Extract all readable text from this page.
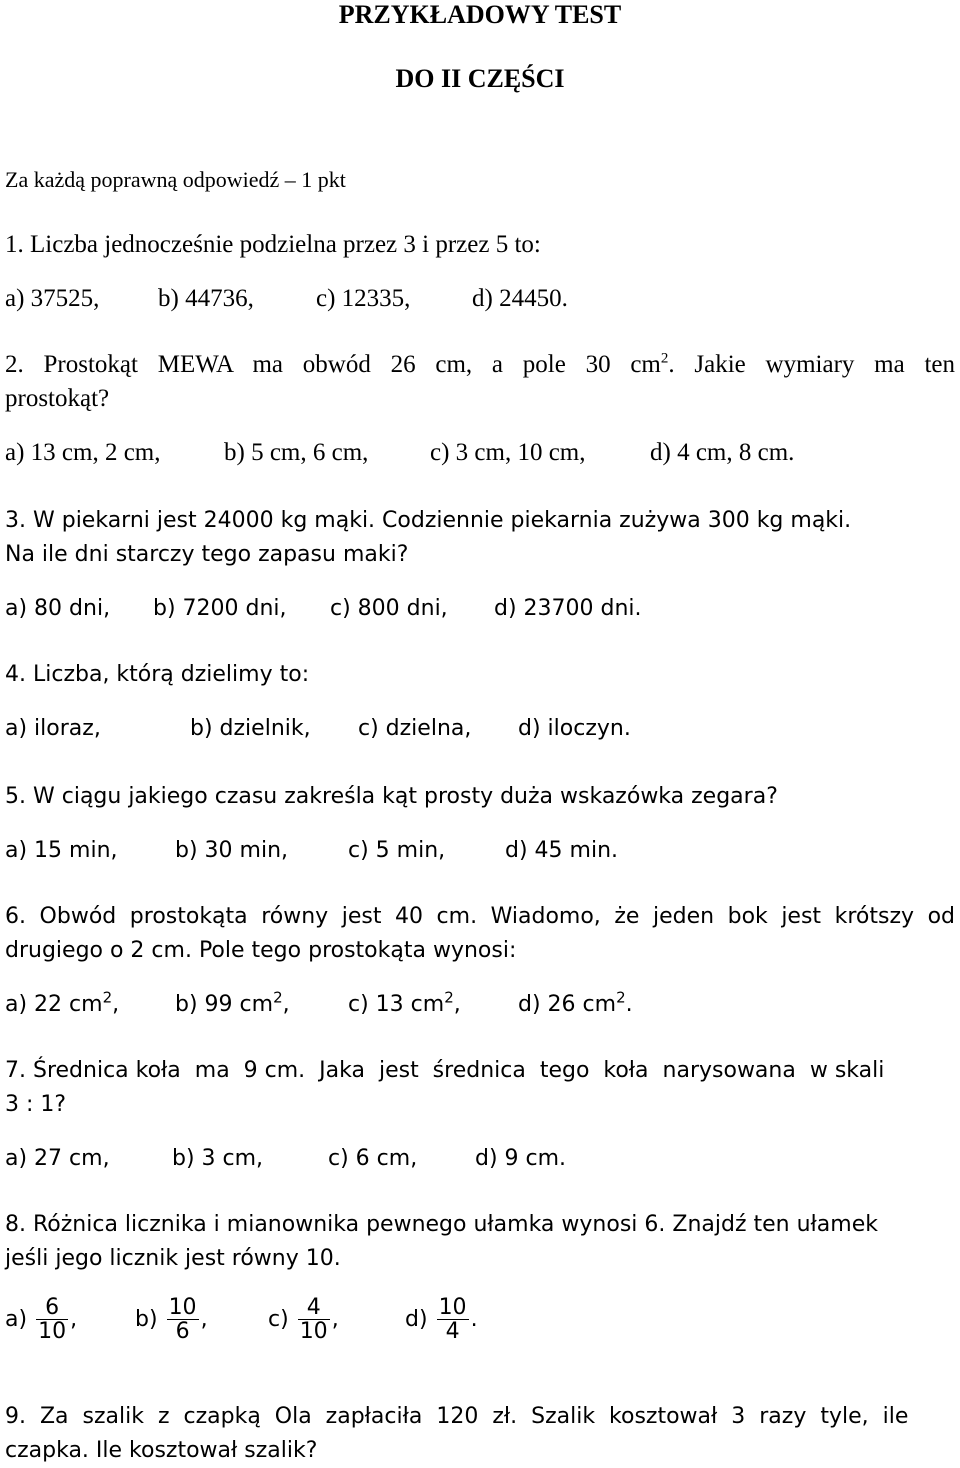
PRZYKŁADOWY TEST
DO II CZĘŚCI
Za każdą poprawną odpowiedź – 1 pkt
1. Liczba jednocześnie podzielna przez 3 i przez 5 to:
a) 37525, b) 44736, c) 12335, d) 24450.
2. Prostokąt MEWA ma obwód 26 cm, a pole 30 $cm^2$. Jakie wymiary ma ten
prostokąt?
a) 13 cm, 2 cm,	b) 5 cm, 6 cm, c) 3 cm, 10 cm,	d) 4 cm, 8 cm.
3. W piekarni jest 24000 kg mąki. Codziennie piekarnia zużywa 300 kg mąki.
Na ile dni starczy tego zapasu maki?
a) 80 dni, b) 7200 dni, c) 800 dni, d) 23700 dni.
4. Liczba, którą dzielimy to:
a) iloraz,	b) dzielnik, c) dzielna, d) iloczyn.
5. W ciągu jakiego czasu zakreśla kąt prosty duża wskazówka zegara?
a) 15 min,	b) 30 min,	c) 5 min,	d) 45 min.
6. Obwód prostokąta równy jest 40 cm. Wiadomo, że jeden bok jest krótszy od
drugiego o 2 cm. Pole tego prostokąta wynosi:
a) 22 $cm^2$,	b) 99 $cm^2$,	c) 13 $cm^2$,	d) 26 $cm^2$.
7. Średnica koła  ma  9 cm.  Jaka  jest  średnica  tego  koła  narysowana  w skali
3 : 1?
a) 27 cm,	b) 3 cm,	c) 6 cm,	d) 9 cm.
8. Różnica licznika i mianownika pewnego ułamka wynosi 6. Znajdź ten ułamek
jeśli jego licznik jest równy 10.
$a) \frac{6}{10}$ ,	$b) \frac{10}{6}$ ,	$c) \frac{4}{10}$ ,	$d) \frac{10}{4}$ .
9.  Za  szalik  z  czapką  Ola  zapłaciła  120  zł.  Szalik  kosztował  3  razy  tyle,  ile
czapka. Ile kosztował szalik?
